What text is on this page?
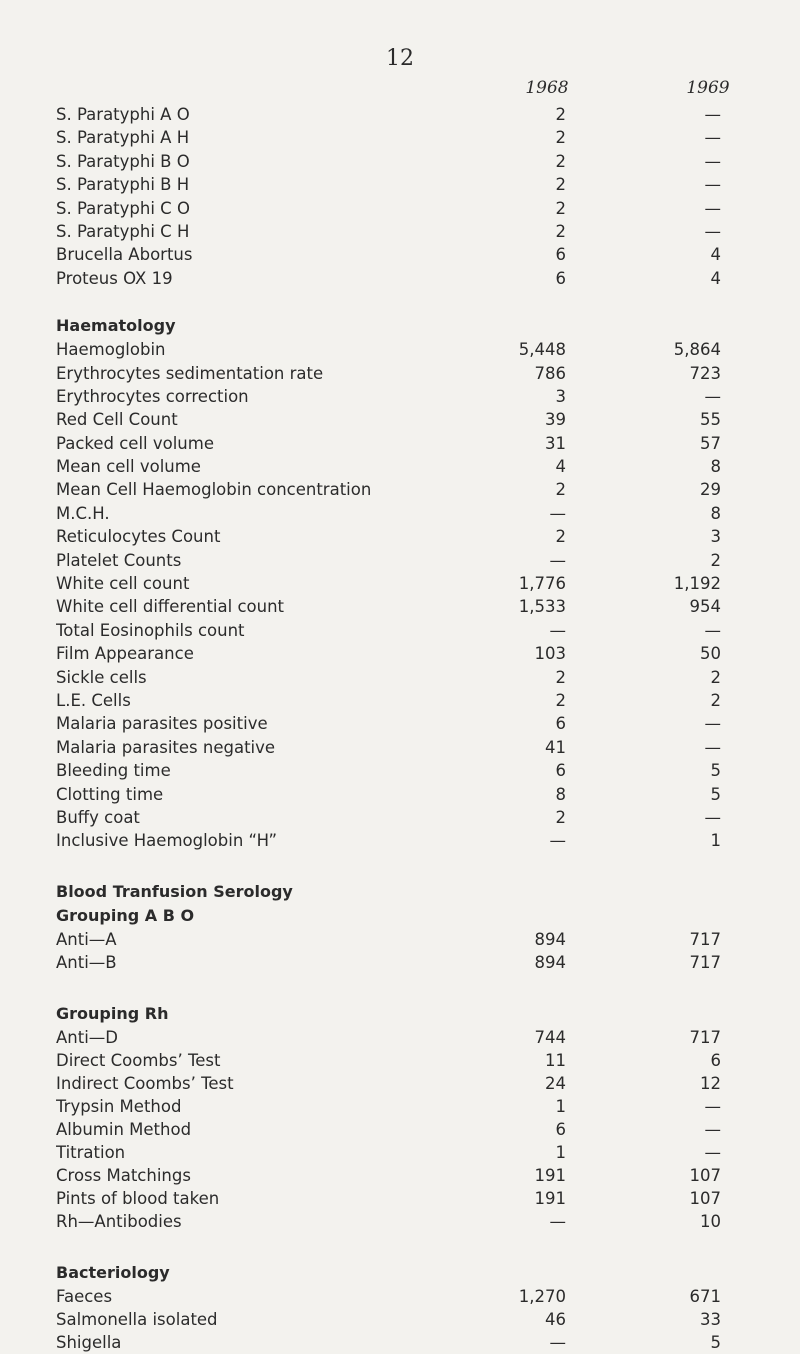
12
1968	1969
S. Paratyphi A O	2	—
S. Paratyphi A H	2	—
S. Paratyphi B O	2	—
S. Paratyphi B H	2	—
S. Paratyphi C O	2	—
S. Paratyphi C H	2	—
Brucella Abortus	6	4
Proteus OX 19	6	4
Haematology
Haemoglobin	5,448	5,864
Erythrocytes sedimentation rate	786	723
Erythrocytes correction	3	—
Red Cell Count	39	55
Packed cell volume	31	57
Mean cell volume	4	8
Mean Cell Haemoglobin concentration	2	29
M.C.H.	—	8
Reticulocytes Count	2	3
Platelet Counts	—	2
White cell count	1,776	1,192
White cell differential count	1,533	954
Total Eosinophils count	—	—
Film Appearance	103	50
Sickle cells	2	2
L.E. Cells	2	2
Malaria parasites positive	6	—
Malaria parasites negative	41	—
Bleeding time	6	5
Clotting time	8	5
Buffy coat	2	—
Inclusive Haemoglobin “H”	—	1
Blood Tranfusion Serology
Grouping A B O
Anti—A	894	717
Anti—B	894	717
Grouping Rh
Anti—D	744	717
Direct Coombs’ Test	11	6
Indirect Coombs’ Test	24	12
Trypsin Method	1	—
Albumin Method	6	—
Titration	1	—
Cross Matchings	191	107
Pints of blood taken	191	107
Rh—Antibodies	—	10
Bacteriology
Faeces	1,270	671
Salmonella isolated	46	33
Shigella	—	5
